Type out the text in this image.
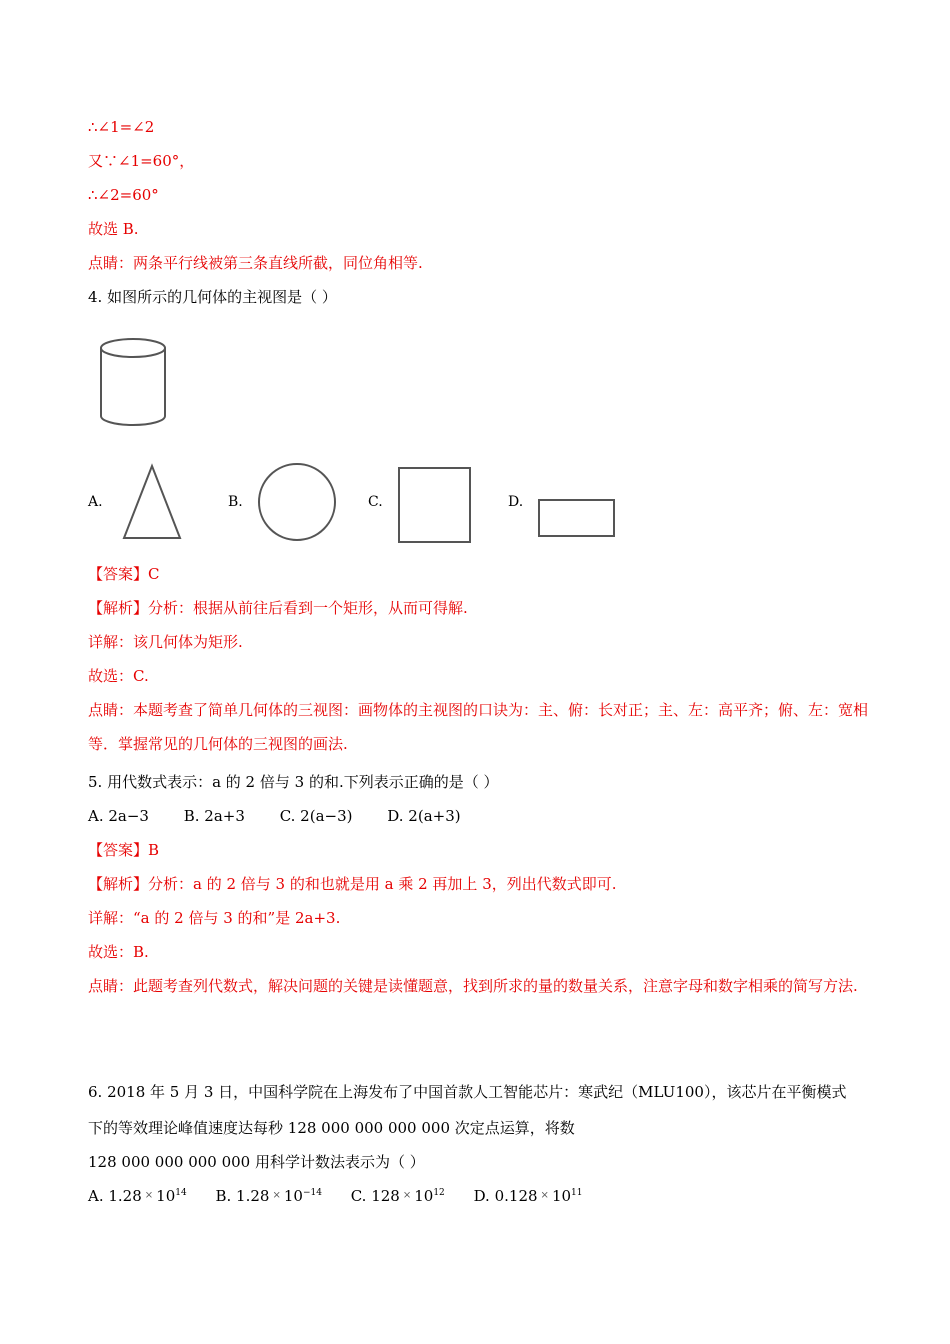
∴∠1=∠2
又∵∠1=60°，
∴∠2=60°
故选 B.
点睛：两条平行线被第三条直线所截，同位角相等.
4. 如图所示的几何体的主视图是（ ）
A.	B.	C.	D.
【答案】C
【解析】分析：根据从前往后看到一个矩形，从而可得解.
详解：该几何体为矩形.
故选：C.
点睛：本题考查了简单几何体的三视图：画物体的主视图的口诀为：主、俯：长对正；主、左：高平齐；俯、左：宽相等．掌握常见的几何体的三视图的画法.
5. 用代数式表示：a 的 2 倍与 3 的和.下列表示正确的是（ ）
A. 2a−3 B. 2a+3 C. 2(a−3) D. 2(a+3)
【答案】B
【解析】分析：a 的 2 倍与 3 的和也就是用 a 乘 2 再加上 3，列出代数式即可.
详解：“a 的 2 倍与 3 的和”是 2a+3.
故选：B.
点睛：此题考查列代数式，解决问题的关键是读懂题意，找到所求的量的数量关系，注意字母和数字相乘的简写方法.
6. 2018 年 5 月 3 日，中国科学院在上海发布了中国首款人工智能芯片：寒武纪（MLU100），该芯片在平衡模式
下的等效理论峰值速度达每秒 128 000 000 000 000 次定点运算，将数
128 000 000 000 000 用科学计数法表示为（ ）
A. 1.28 × $10^{14}$ B. 1.28 × $10^{-14}$ C. 128 × $10^{12}$ D. 0.128 × $10^{11}$
